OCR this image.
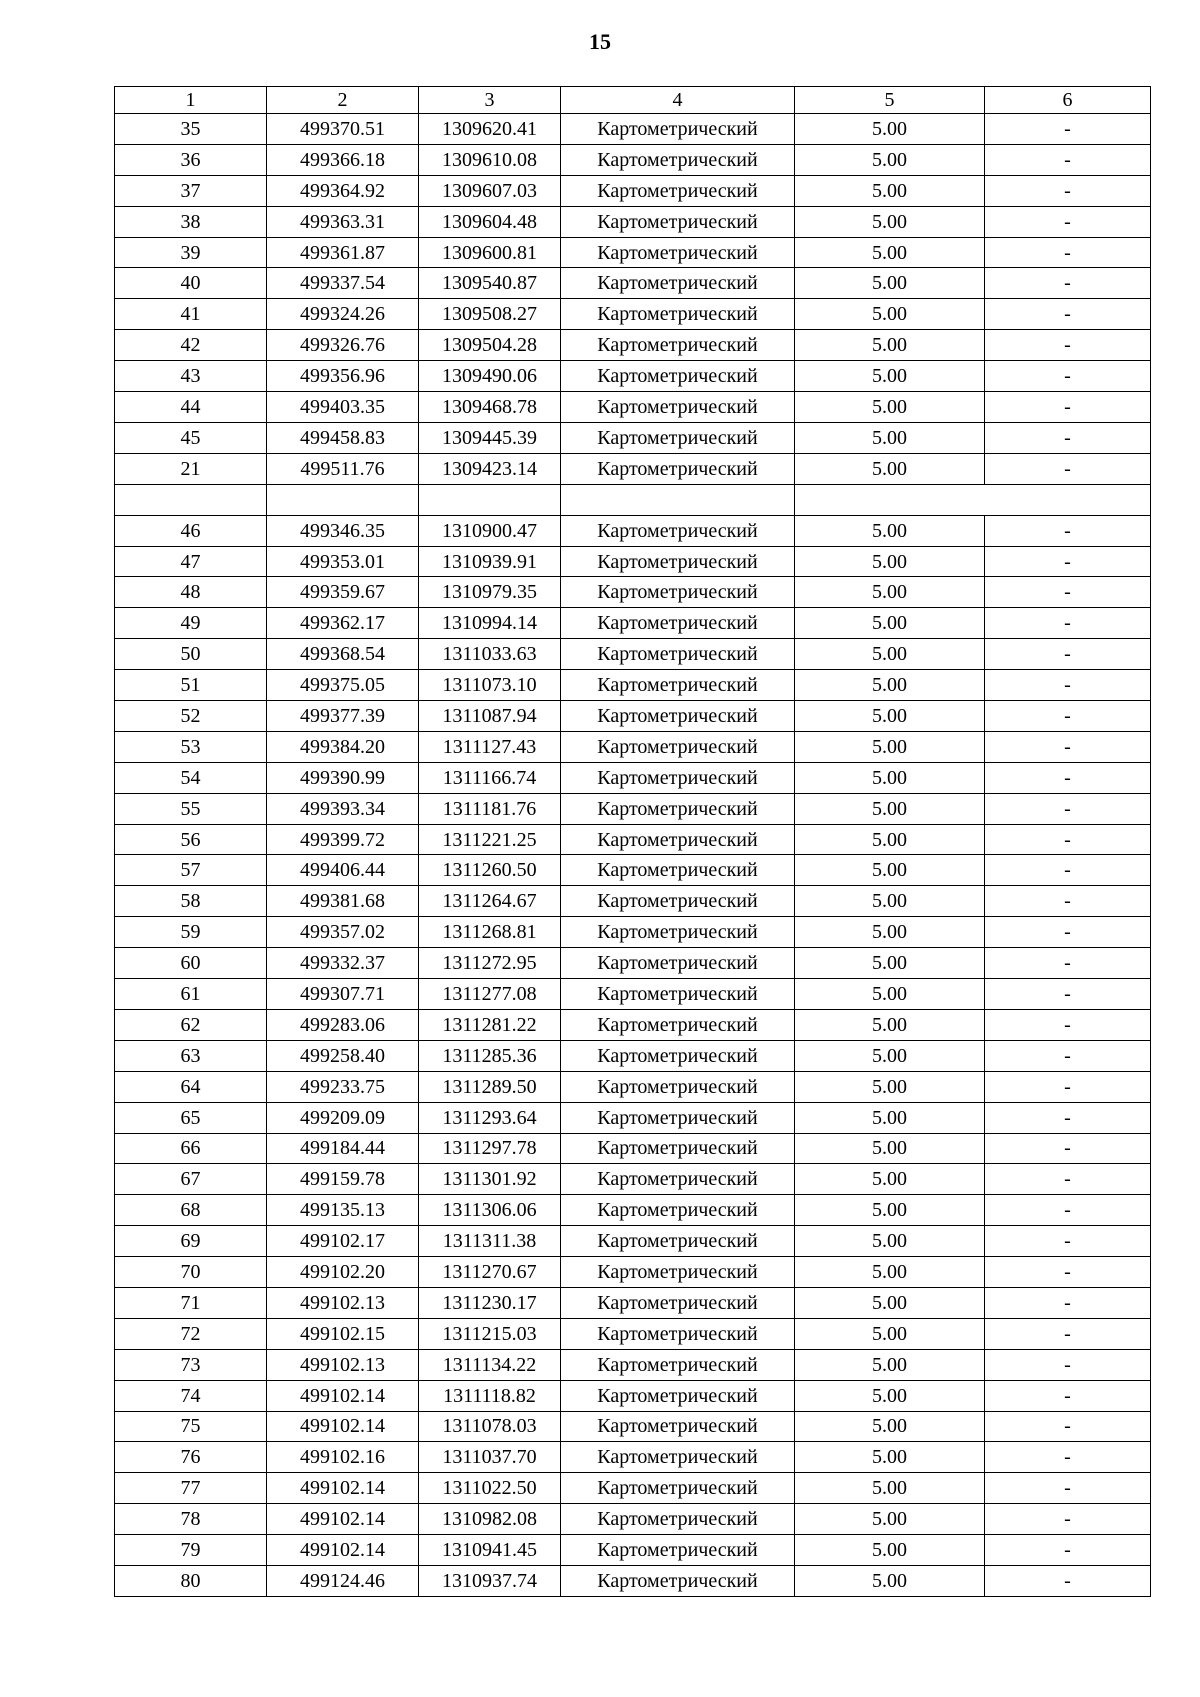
15
1	2	3	4	5	6
35	499370.51	1309620.41	Картометрический	5.00	-
36	499366.18	1309610.08	Картометрический	5.00	-
37	499364.92	1309607.03	Картометрический	5.00	-
38	499363.31	1309604.48	Картометрический	5.00	-
39	499361.87	1309600.81	Картометрический	5.00	-
40	499337.54	1309540.87	Картометрический	5.00	-
41	499324.26	1309508.27	Картометрический	5.00	-
42	499326.76	1309504.28	Картометрический	5.00	-
43	499356.96	1309490.06	Картометрический	5.00	-
44	499403.35	1309468.78	Картометрический	5.00	-
45	499458.83	1309445.39	Картометрический	5.00	-
21	499511.76	1309423.14	Картометрический	5.00	-

46	499346.35	1310900.47	Картометрический	5.00	-
47	499353.01	1310939.91	Картометрический	5.00	-
48	499359.67	1310979.35	Картометрический	5.00	-
49	499362.17	1310994.14	Картометрический	5.00	-
50	499368.54	1311033.63	Картометрический	5.00	-
51	499375.05	1311073.10	Картометрический	5.00	-
52	499377.39	1311087.94	Картометрический	5.00	-
53	499384.20	1311127.43	Картометрический	5.00	-
54	499390.99	1311166.74	Картометрический	5.00	-
55	499393.34	1311181.76	Картометрический	5.00	-
56	499399.72	1311221.25	Картометрический	5.00	-
57	499406.44	1311260.50	Картометрический	5.00	-
58	499381.68	1311264.67	Картометрический	5.00	-
59	499357.02	1311268.81	Картометрический	5.00	-
60	499332.37	1311272.95	Картометрический	5.00	-
61	499307.71	1311277.08	Картометрический	5.00	-
62	499283.06	1311281.22	Картометрический	5.00	-
63	499258.40	1311285.36	Картометрический	5.00	-
64	499233.75	1311289.50	Картометрический	5.00	-
65	499209.09	1311293.64	Картометрический	5.00	-
66	499184.44	1311297.78	Картометрический	5.00	-
67	499159.78	1311301.92	Картометрический	5.00	-
68	499135.13	1311306.06	Картометрический	5.00	-
69	499102.17	1311311.38	Картометрический	5.00	-
70	499102.20	1311270.67	Картометрический	5.00	-
71	499102.13	1311230.17	Картометрический	5.00	-
72	499102.15	1311215.03	Картометрический	5.00	-
73	499102.13	1311134.22	Картометрический	5.00	-
74	499102.14	1311118.82	Картометрический	5.00	-
75	499102.14	1311078.03	Картометрический	5.00	-
76	499102.16	1311037.70	Картометрический	5.00	-
77	499102.14	1311022.50	Картометрический	5.00	-
78	499102.14	1310982.08	Картометрический	5.00	-
79	499102.14	1310941.45	Картометрический	5.00	-
80	499124.46	1310937.74	Картометрический	5.00	-
